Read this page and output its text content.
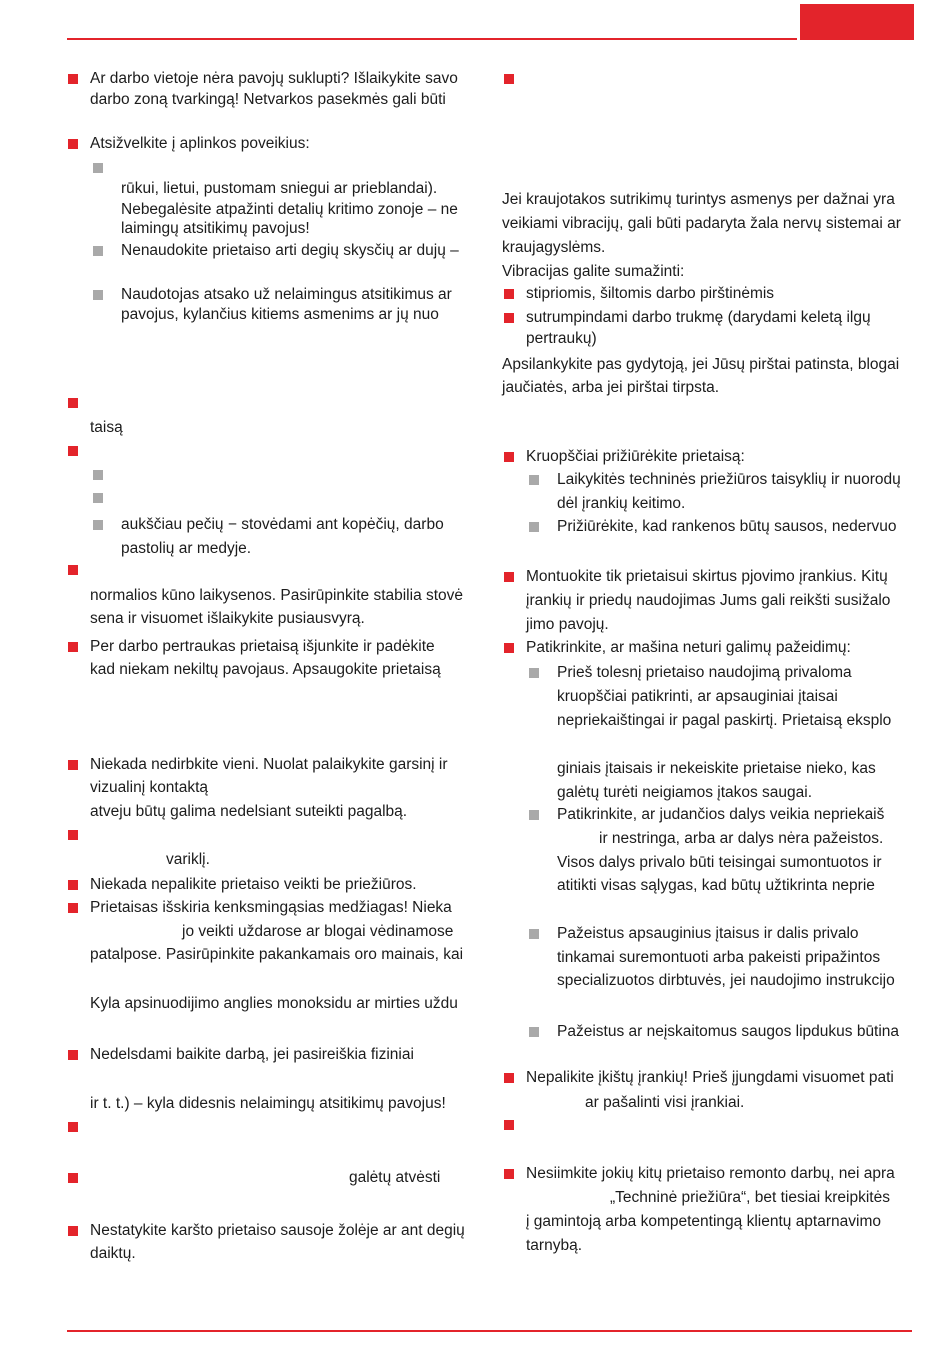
Ar darbo vietoje nėra pavojų suklupti? Išlaikykite savo
darbo zoną tvarkingą! Netvarkos pasekmės gali būti
Atsižvelkite į aplinkos poveikius:
rūkui, lietui, pustomam sniegui ar prieblandai).
Nebegalėsite atpažinti detalių kritimo zonoje – ne
laimingų atsitikimų pavojus!
Nenaudokite prietaiso arti degių skysčių ar dujų –
Naudotojas atsako už nelaimingus atsitikimus ar
pavojus, kylančius kitiems asmenims ar jų nuo
taisą
aukščiau pečių − stovėdami ant kopėčių, darbo
pastolių ar medyje.
normalios kūno laikysenos. Pasirūpinkite stabilia stovė
sena ir visuomet išlaikykite pusiausvyrą.
Per darbo pertraukas prietaisą išjunkite ir padėkite
kad niekam nekiltų pavojaus. Apsaugokite prietaisą
Niekada nedirbkite vieni. Nuolat palaikykite garsinį ir
vizualinį kontaktą
atveju būtų galima nedelsiant suteikti pagalbą.
variklį.
Niekada nepalikite prietaiso veikti be priežiūros.
Prietaisas išskiria kenksmingąsias medžiagas! Nieka
jo veikti uždarose ar blogai vėdinamose
patalpose. Pasirūpinkite pakankamais oro mainais, kai
Kyla apsinuodijimo anglies monoksidu ar mirties uždu
Nedelsdami baikite darbą, jei pasireiškia fiziniai
ir t. t.) – kyla didesnis nelaimingų atsitikimų pavojus!
galėtų atvėsti
Nestatykite karšto prietaiso sausoje žolėje ar ant degių
daiktų.
Jei kraujotakos sutrikimų turintys asmenys per dažnai yra
veikiami vibracijų, gali būti padaryta žala nervų sistemai ar
kraujagyslėms.
Vibracijas galite sumažinti:
stipriomis, šiltomis darbo pirštinėmis
sutrumpindami darbo trukmę (darydami keletą ilgų
pertraukų)
Apsilankykite pas gydytoją, jei Jūsų pirštai patinsta, blogai
jaučiatės, arba jei pirštai tirpsta.
Kruopščiai prižiūrėkite prietaisą:
Laikykitės techninės priežiūros taisyklių ir nuorodų
dėl įrankių keitimo.
Prižiūrėkite, kad rankenos būtų sausos, nedervuo
Montuokite tik prietaisui skirtus pjovimo įrankius. Kitų
įrankių ir priedų naudojimas Jums gali reikšti susižalo
jimo pavojų.
Patikrinkite, ar mašina neturi galimų pažeidimų:
Prieš tolesnį prietaiso naudojimą privaloma
kruopščiai patikrinti, ar apsauginiai įtaisai
nepriekaištingai ir pagal paskirtį. Prietaisą eksplo
giniais įtaisais ir nekeiskite prietaise nieko, kas
galėtų turėti neigiamos įtakos saugai.
Patikrinkite, ar judančios dalys veikia nepriekaiš
ir nestringa, arba ar dalys nėra pažeistos.
Visos dalys privalo būti teisingai sumontuotos ir
atitikti visas sąlygas, kad būtų užtikrinta neprie
Pažeistus apsauginius įtaisus ir dalis privalo
tinkamai suremontuoti arba pakeisti pripažintos
specializuotos dirbtuvės, jei naudojimo instrukcijo
Pažeistus ar neįskaitomus saugos lipdukus būtina
Nepalikite įkištų įrankių! Prieš įjungdami visuomet pati
ar pašalinti visi įrankiai.
Nesiimkite jokių kitų prietaiso remonto darbų, nei apra
„Techninė priežiūra“, bet tiesiai kreipkitės
į gamintoją arba kompetentingą klientų aptarnavimo
tarnybą.
